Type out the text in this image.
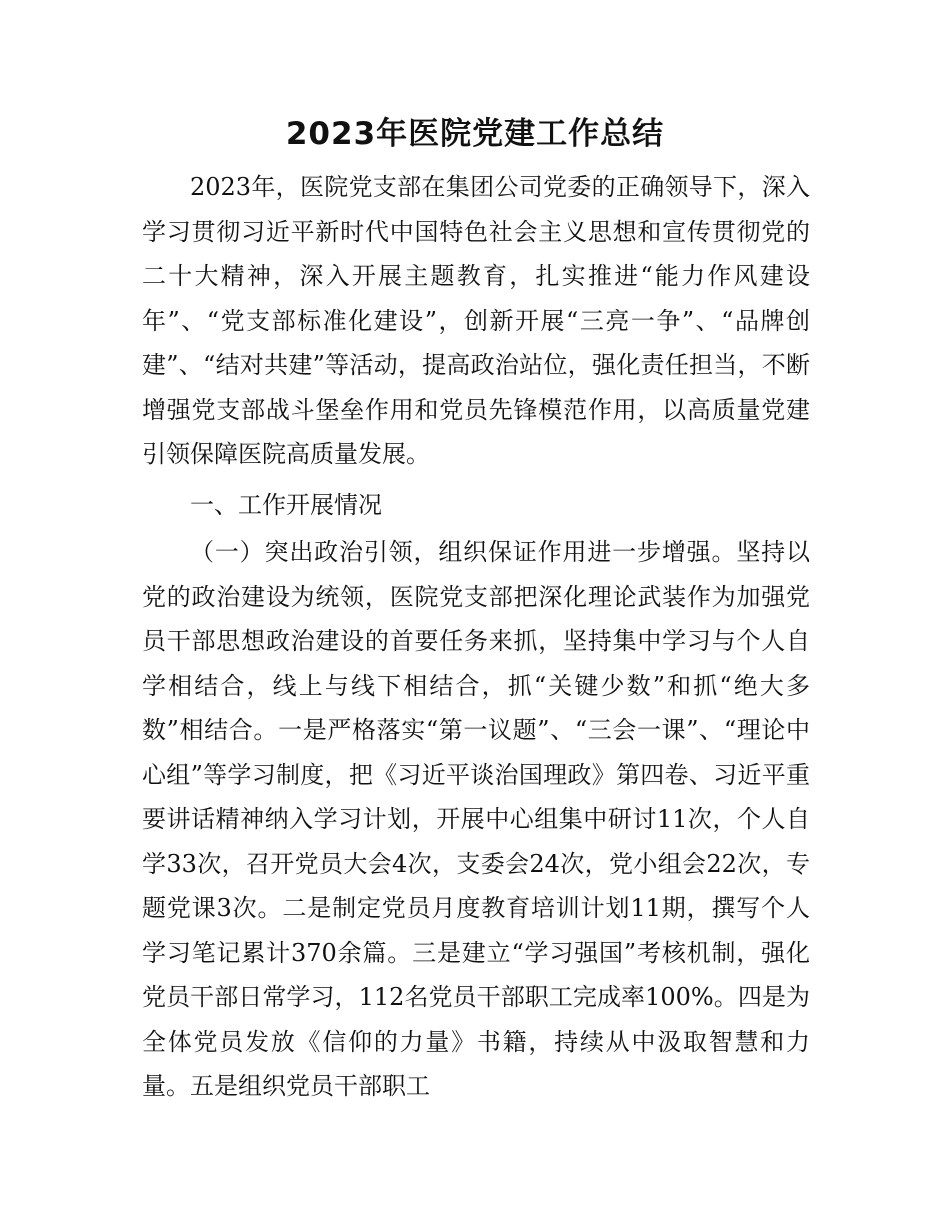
2023年医院党建工作总结

2023年，医院党支部在集团公司党委的正确领导下，深入学习贯彻习近平新时代中国特色社会主义思想和宣传贯彻党的二十大精神，深入开展主题教育，扎实推进“能力作风建设年”、“党支部标准化建设”，创新开展“三亮一争”、“品牌创建”、“结对共建”等活动，提高政治站位，强化责任担当，不断增强党支部战斗堡垒作用和党员先锋模范作用，以高质量党建引领保障医院高质量发展。

一、工作开展情况

（一）突出政治引领，组织保证作用进一步增强。坚持以党的政治建设为统领，医院党支部把深化理论武装作为加强党员干部思想政治建设的首要任务来抓，坚持集中学习与个人自学相结合，线上与线下相结合，抓“关键少数”和抓“绝大多数”相结合。一是严格落实“第一议题”、“三会一课”、“理论中心组”等学习制度，把《习近平谈治国理政》第四卷、习近平重要讲话精神纳入学习计划，开展中心组集中研讨11次，个人自学33次，召开党员大会4次，支委会24次，党小组会22次，专题党课3次。二是制定党员月度教育培训计划11期，撰写个人学习笔记累计370余篇。三是建立“学习强国”考核机制，强化党员干部日常学习，112名党员干部职工完成率100%。四是为全体党员发放《信仰的力量》书籍，持续从中汲取智慧和力量。五是组织党员干部职工
